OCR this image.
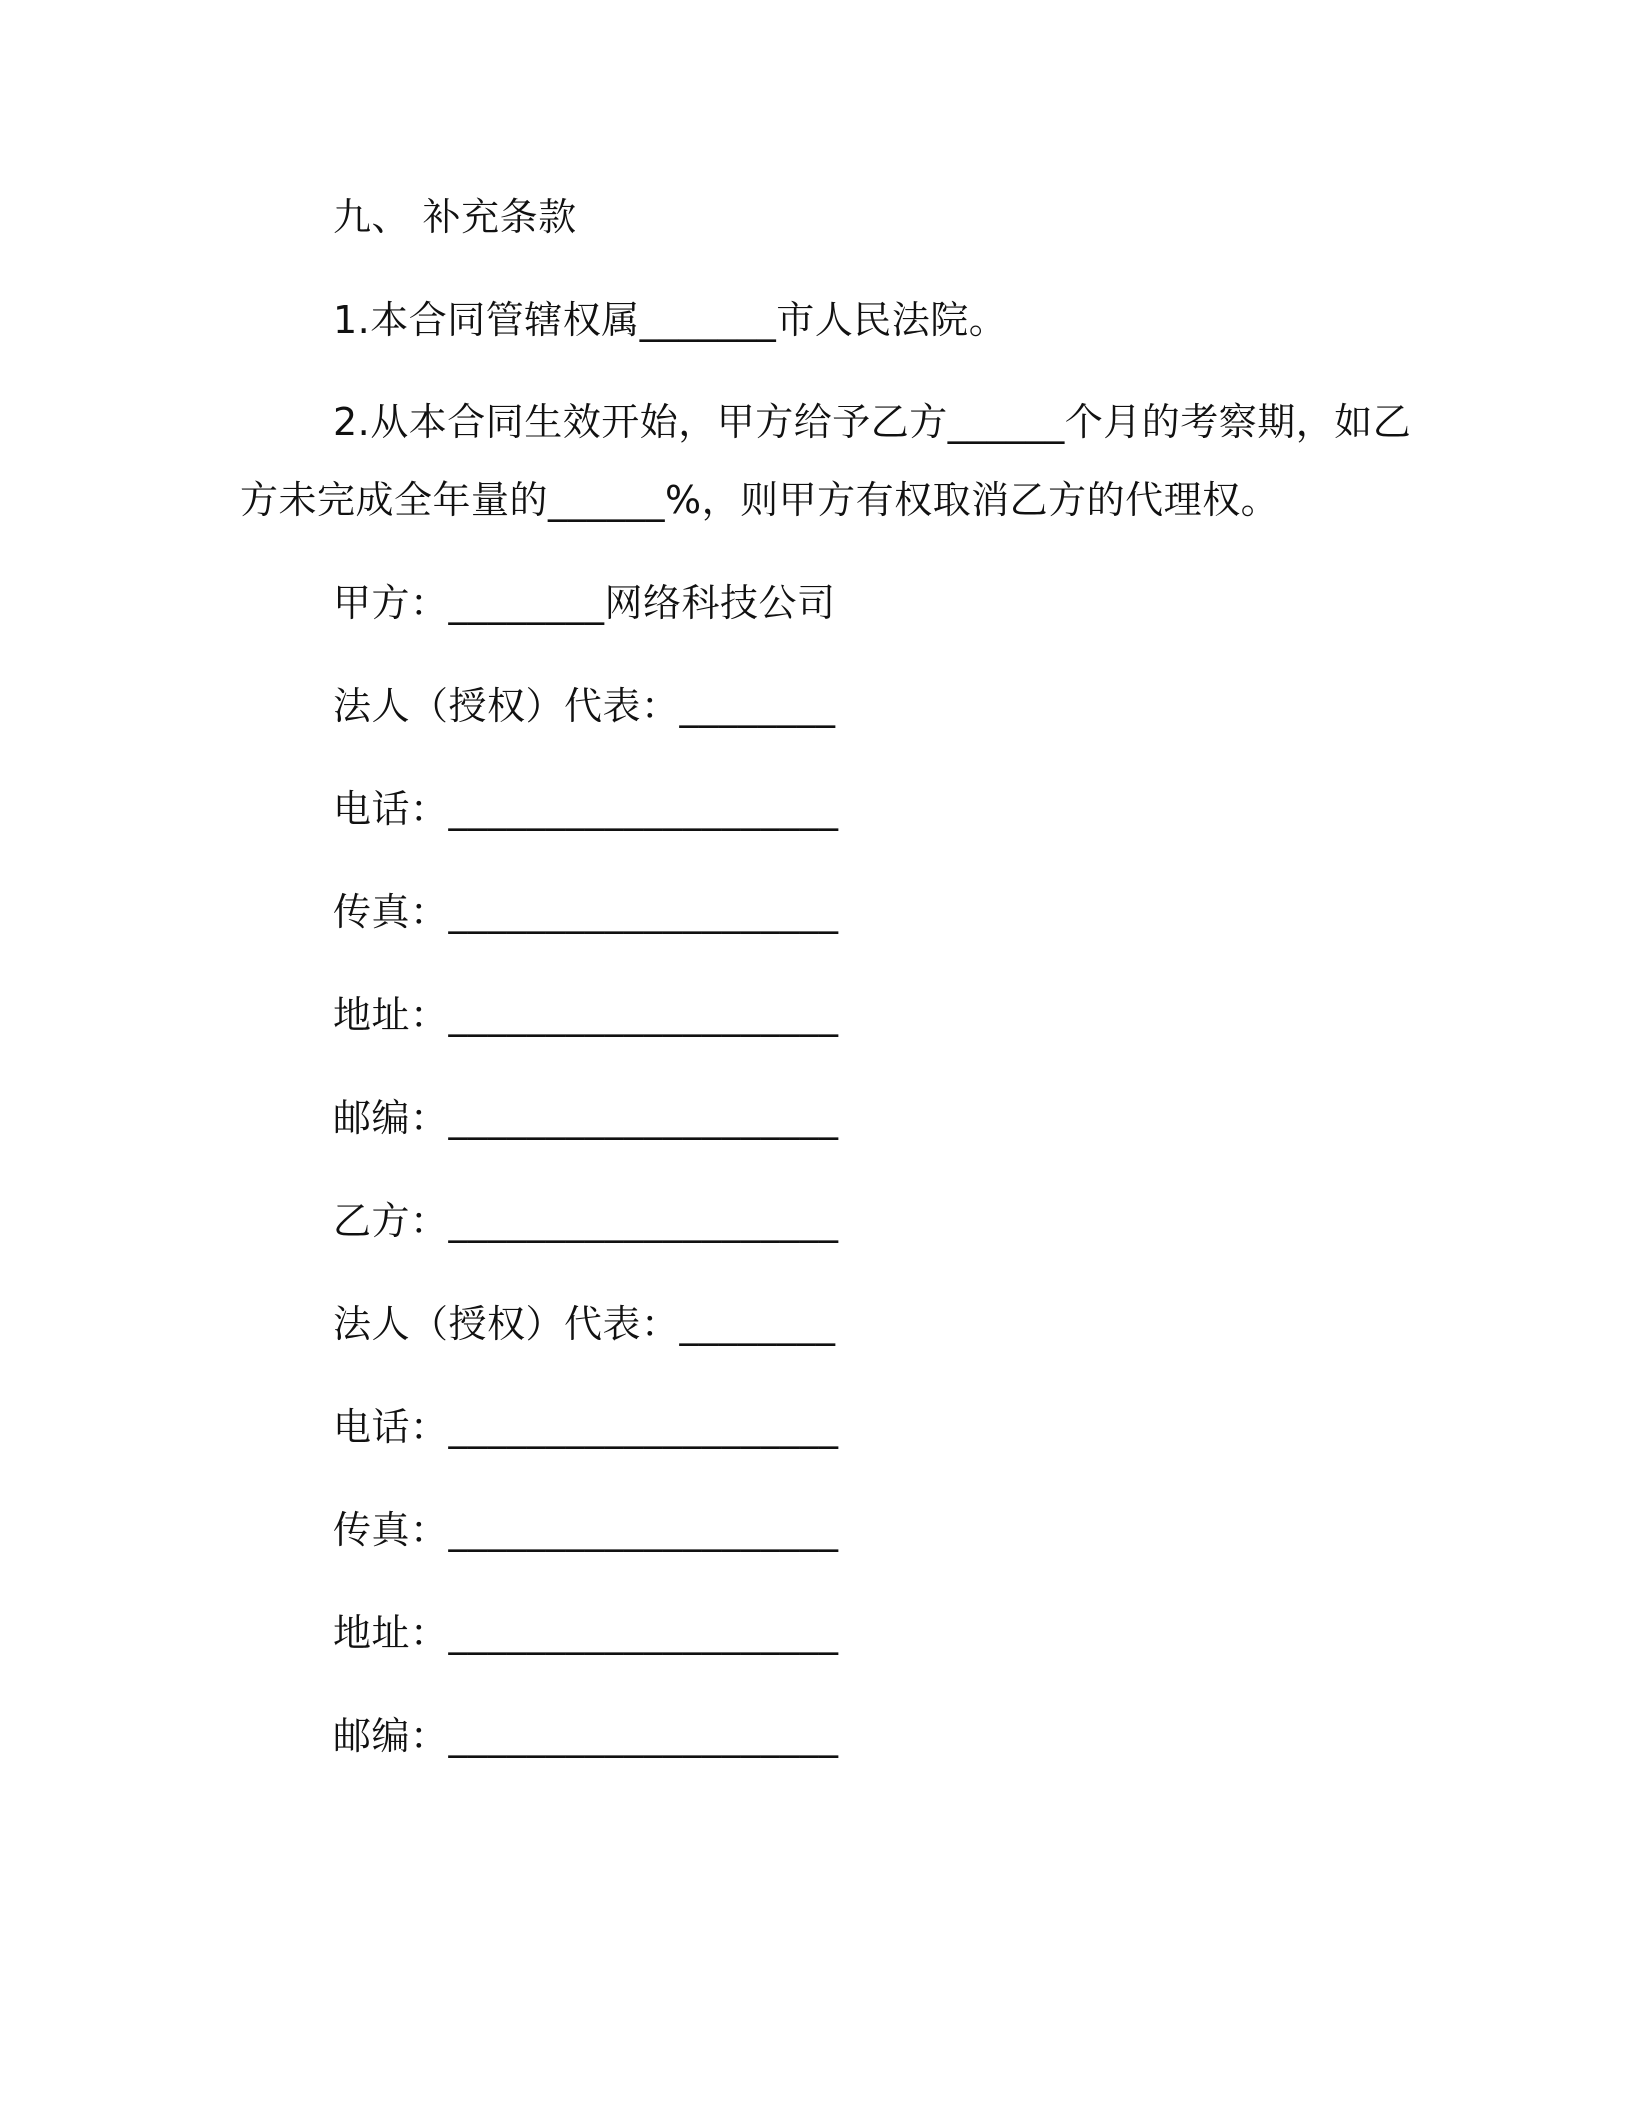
九、 补充条款
1.本合同管辖权属_______市人民法院。
2.从本合同生效开始，甲方给予乙方______个月的考察期，如乙
方未完成全年量的______%，则甲方有权取消乙方的代理权。
甲方：________网络科技公司
法人（授权）代表：________
电话：____________________
传真：____________________
地址：____________________
邮编：____________________
乙方：____________________
法人（授权）代表：________
电话：____________________
传真：____________________
地址：____________________
邮编：____________________
